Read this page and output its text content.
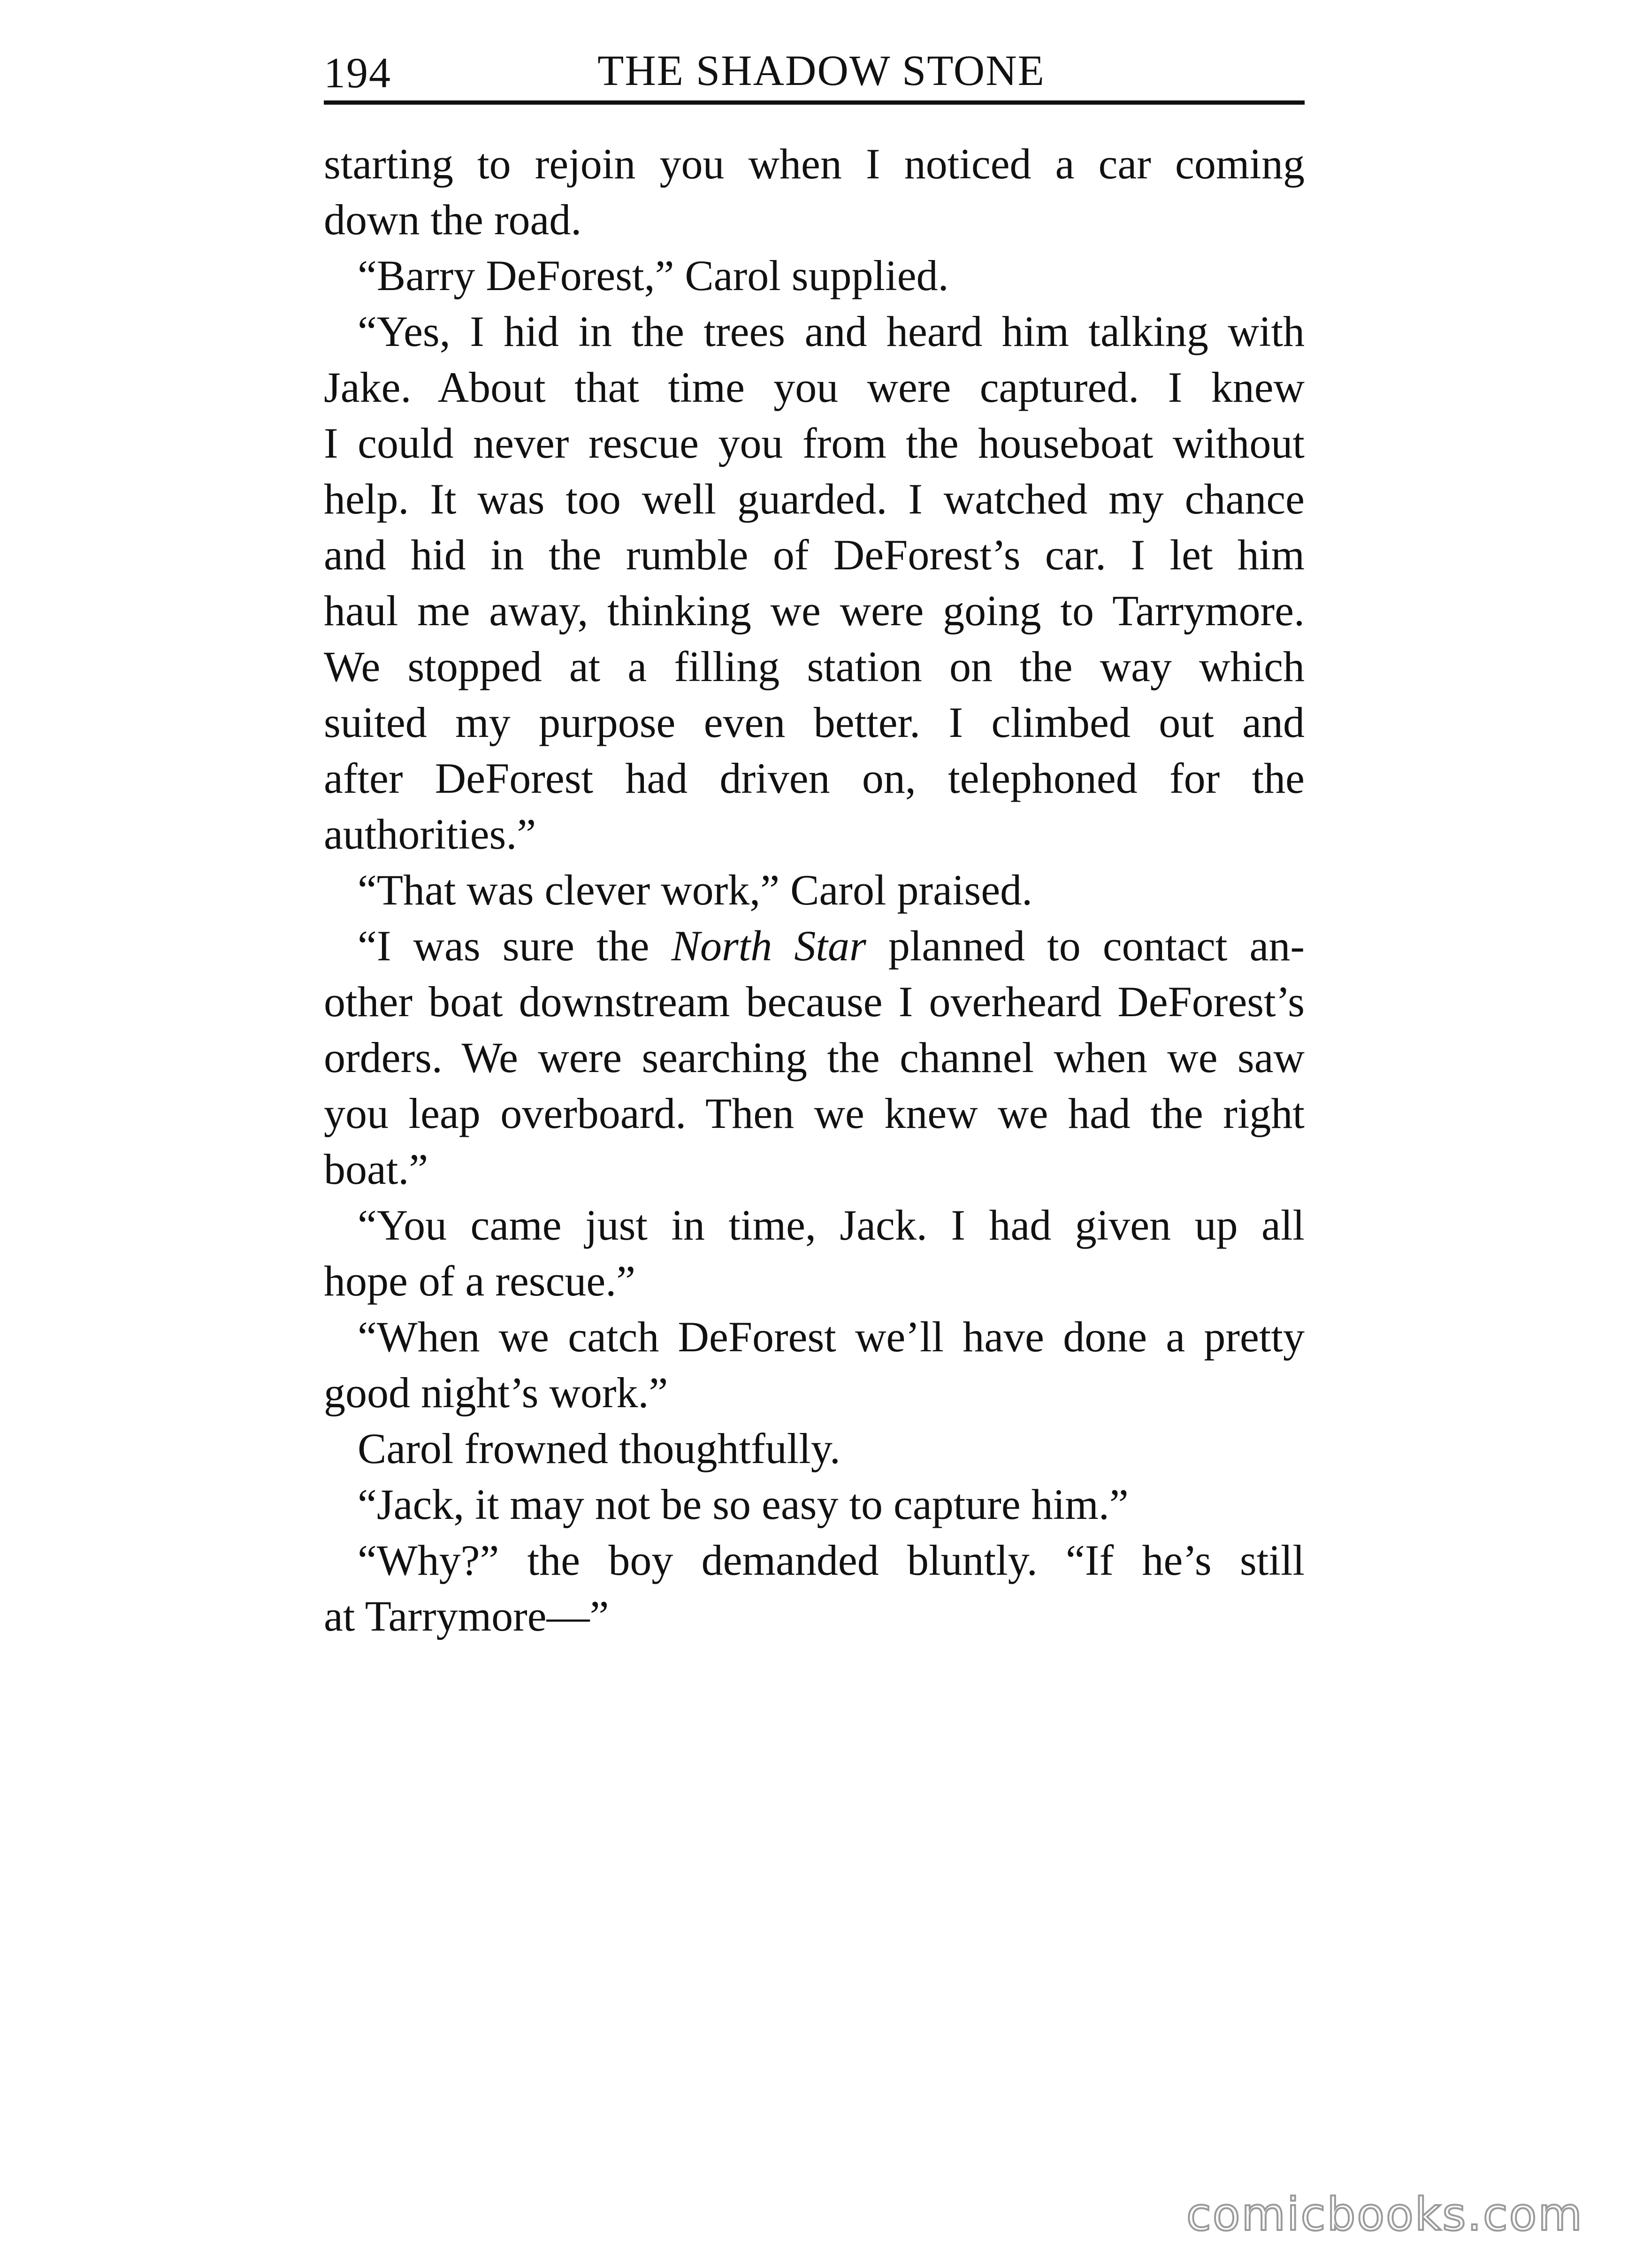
194	THE SHADOW STONE
starting to rejoin you when I noticed a car coming
down the road.
“Barry DeForest,” Carol supplied.
“Yes, I hid in the trees and heard him talking with
Jake. About that time you were captured. I knew
I could never rescue you from the houseboat without
help. It was too well guarded. I watched my chance
and hid in the rumble of DeForest’s car. I let him
haul me away, thinking we were going to Tarrymore.
We stopped at a filling station on the way which
suited my purpose even better. I climbed out and
after DeForest had driven on, telephoned for the
authorities.”
“That was clever work,” Carol praised.
“I was sure the North Star planned to contact an-
other boat downstream because I overheard DeForest’s
orders. We were searching the channel when we saw
you leap overboard. Then we knew we had the right
boat.”
“You came just in time, Jack. I had given up all
hope of a rescue.”
“When we catch DeForest we’ll have done a pretty
good night’s work.”
Carol frowned thoughtfully.
“Jack, it may not be so easy to capture him.”
“Why?” the boy demanded bluntly. “If he’s still
at Tarrymore—”
comicbooks.com
